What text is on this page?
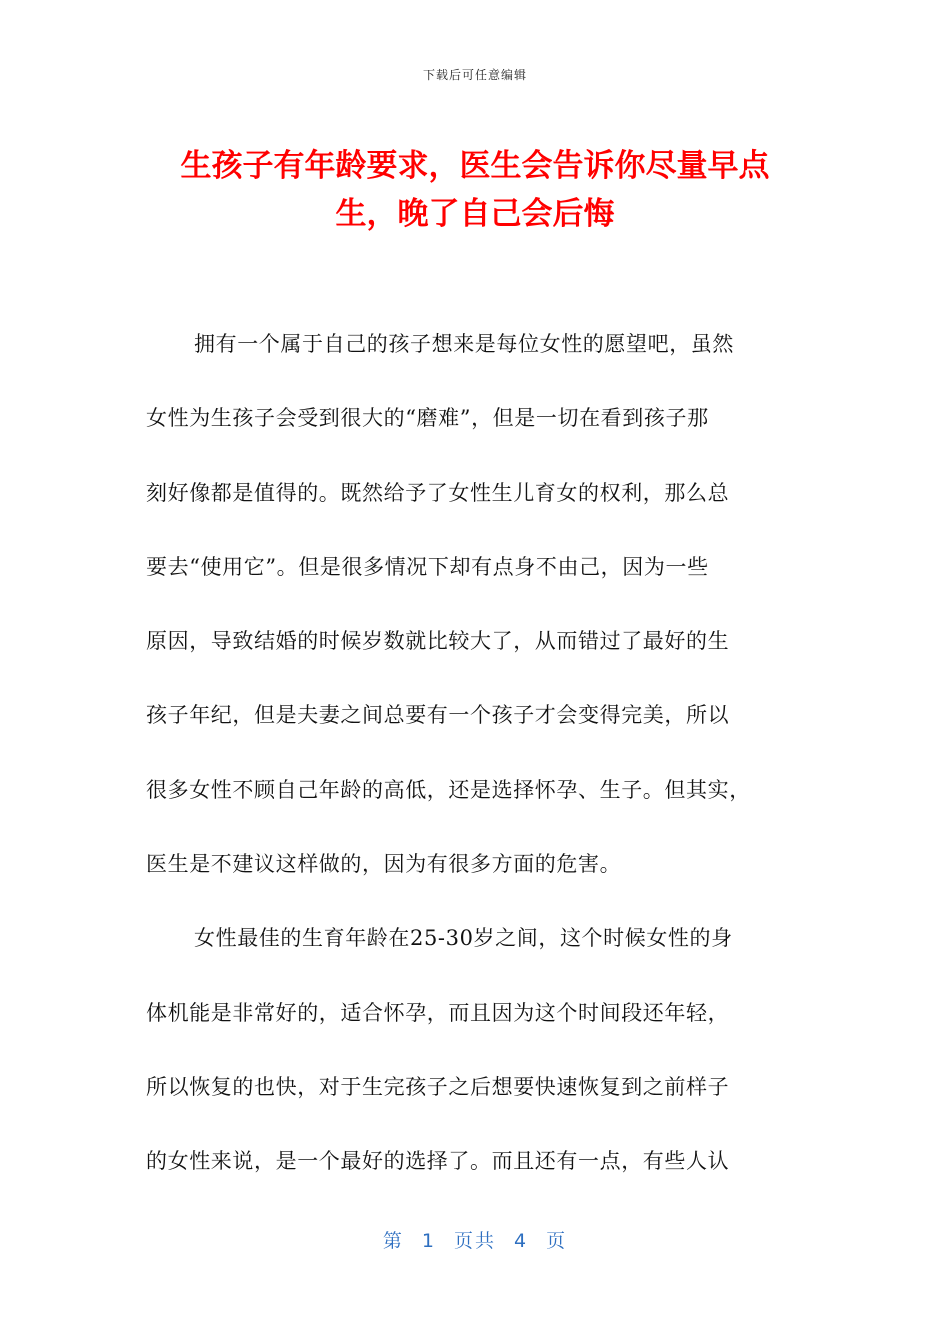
下载后可任意编辑
生孩子有年龄要求，医生会告诉你尽量早点
生，晚了自己会后悔
拥有一个属于自己的孩子想来是每位女性的愿望吧，虽然
女性为生孩子会受到很大的“磨难”，但是一切在看到孩子那
刻好像都是值得的。既然给予了女性生儿育女的权利，那么总
要去“使用它”。但是很多情况下却有点身不由己，因为一些
原因，导致结婚的时候岁数就比较大了，从而错过了最好的生
孩子年纪，但是夫妻之间总要有一个孩子才会变得完美，所以
很多女性不顾自己年龄的高低，还是选择怀孕、生子。但其实，
医生是不建议这样做的，因为有很多方面的危害。
女性最佳的生育年龄在25-30岁之间，这个时候女性的身
体机能是非常好的，适合怀孕，而且因为这个时间段还年轻，
所以恢复的也快，对于生完孩子之后想要快速恢复到之前样子
的女性来说，是一个最好的选择了。而且还有一点，有些人认
第 1 页共 4 页
